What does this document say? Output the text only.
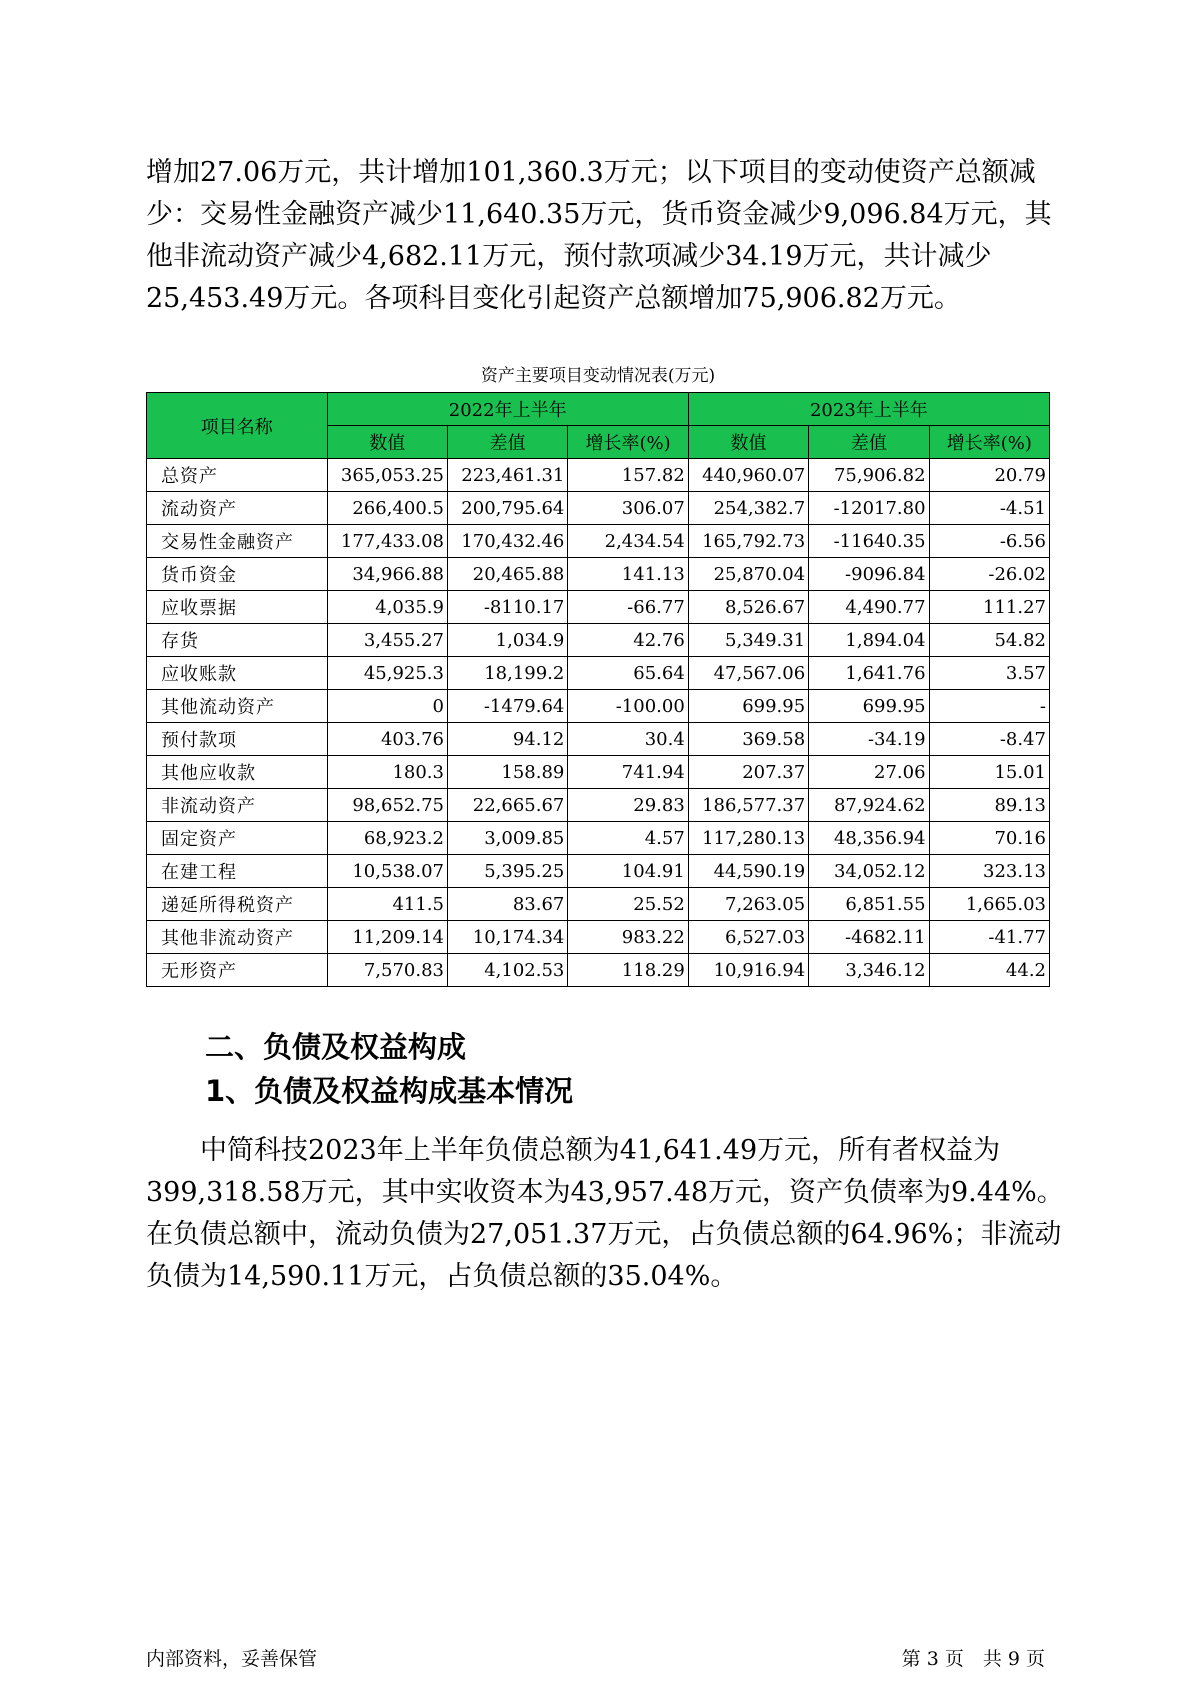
增加27.06万元，共计增加101,360.3万元；以下项目的变动使资产总额减
少：交易性金融资产减少11,640.35万元，货币资金减少9,096.84万元，其
他非流动资产减少4,682.11万元，预付款项减少34.19万元，共计减少
25,453.49万元。各项科目变化引起资产总额增加75,906.82万元。
资产主要项目变动情况表(万元)
项目名称	2022年上半年			2023年上半年		
	数值	差值	增长率(%)	数值	差值	增长率(%)
总资产	365,053.25	223,461.31	157.82	440,960.07	75,906.82	20.79
流动资产	266,400.5	200,795.64	306.07	254,382.7	-12017.80	-4.51
交易性金融资产	177,433.08	170,432.46	2,434.54	165,792.73	-11640.35	-6.56
货币资金	34,966.88	20,465.88	141.13	25,870.04	-9096.84	-26.02
应收票据	4,035.9	-8110.17	-66.77	8,526.67	4,490.77	111.27
存货	3,455.27	1,034.9	42.76	5,349.31	1,894.04	54.82
应收账款	45,925.3	18,199.2	65.64	47,567.06	1,641.76	3.57
其他流动资产	0	-1479.64	-100.00	699.95	699.95	-
预付款项	403.76	94.12	30.4	369.58	-34.19	-8.47
其他应收款	180.3	158.89	741.94	207.37	27.06	15.01
非流动资产	98,652.75	22,665.67	29.83	186,577.37	87,924.62	89.13
固定资产	68,923.2	3,009.85	4.57	117,280.13	48,356.94	70.16
在建工程	10,538.07	5,395.25	104.91	44,590.19	34,052.12	323.13
递延所得税资产	411.5	83.67	25.52	7,263.05	6,851.55	1,665.03
其他非流动资产	11,209.14	10,174.34	983.22	6,527.03	-4682.11	-41.77
无形资产	7,570.83	4,102.53	118.29	10,916.94	3,346.12	44.2
二、负债及权益构成
1、负债及权益构成基本情况
　　中简科技2023年上半年负债总额为41,641.49万元，所有者权益为
399,318.58万元，其中实收资本为43,957.48万元，资产负债率为9.44%。
在负债总额中，流动负债为27,051.37万元，占负债总额的64.96%；非流动
负债为14,590.11万元，占负债总额的35.04%。
内部资料，妥善保管	第 3 页　共 9 页
